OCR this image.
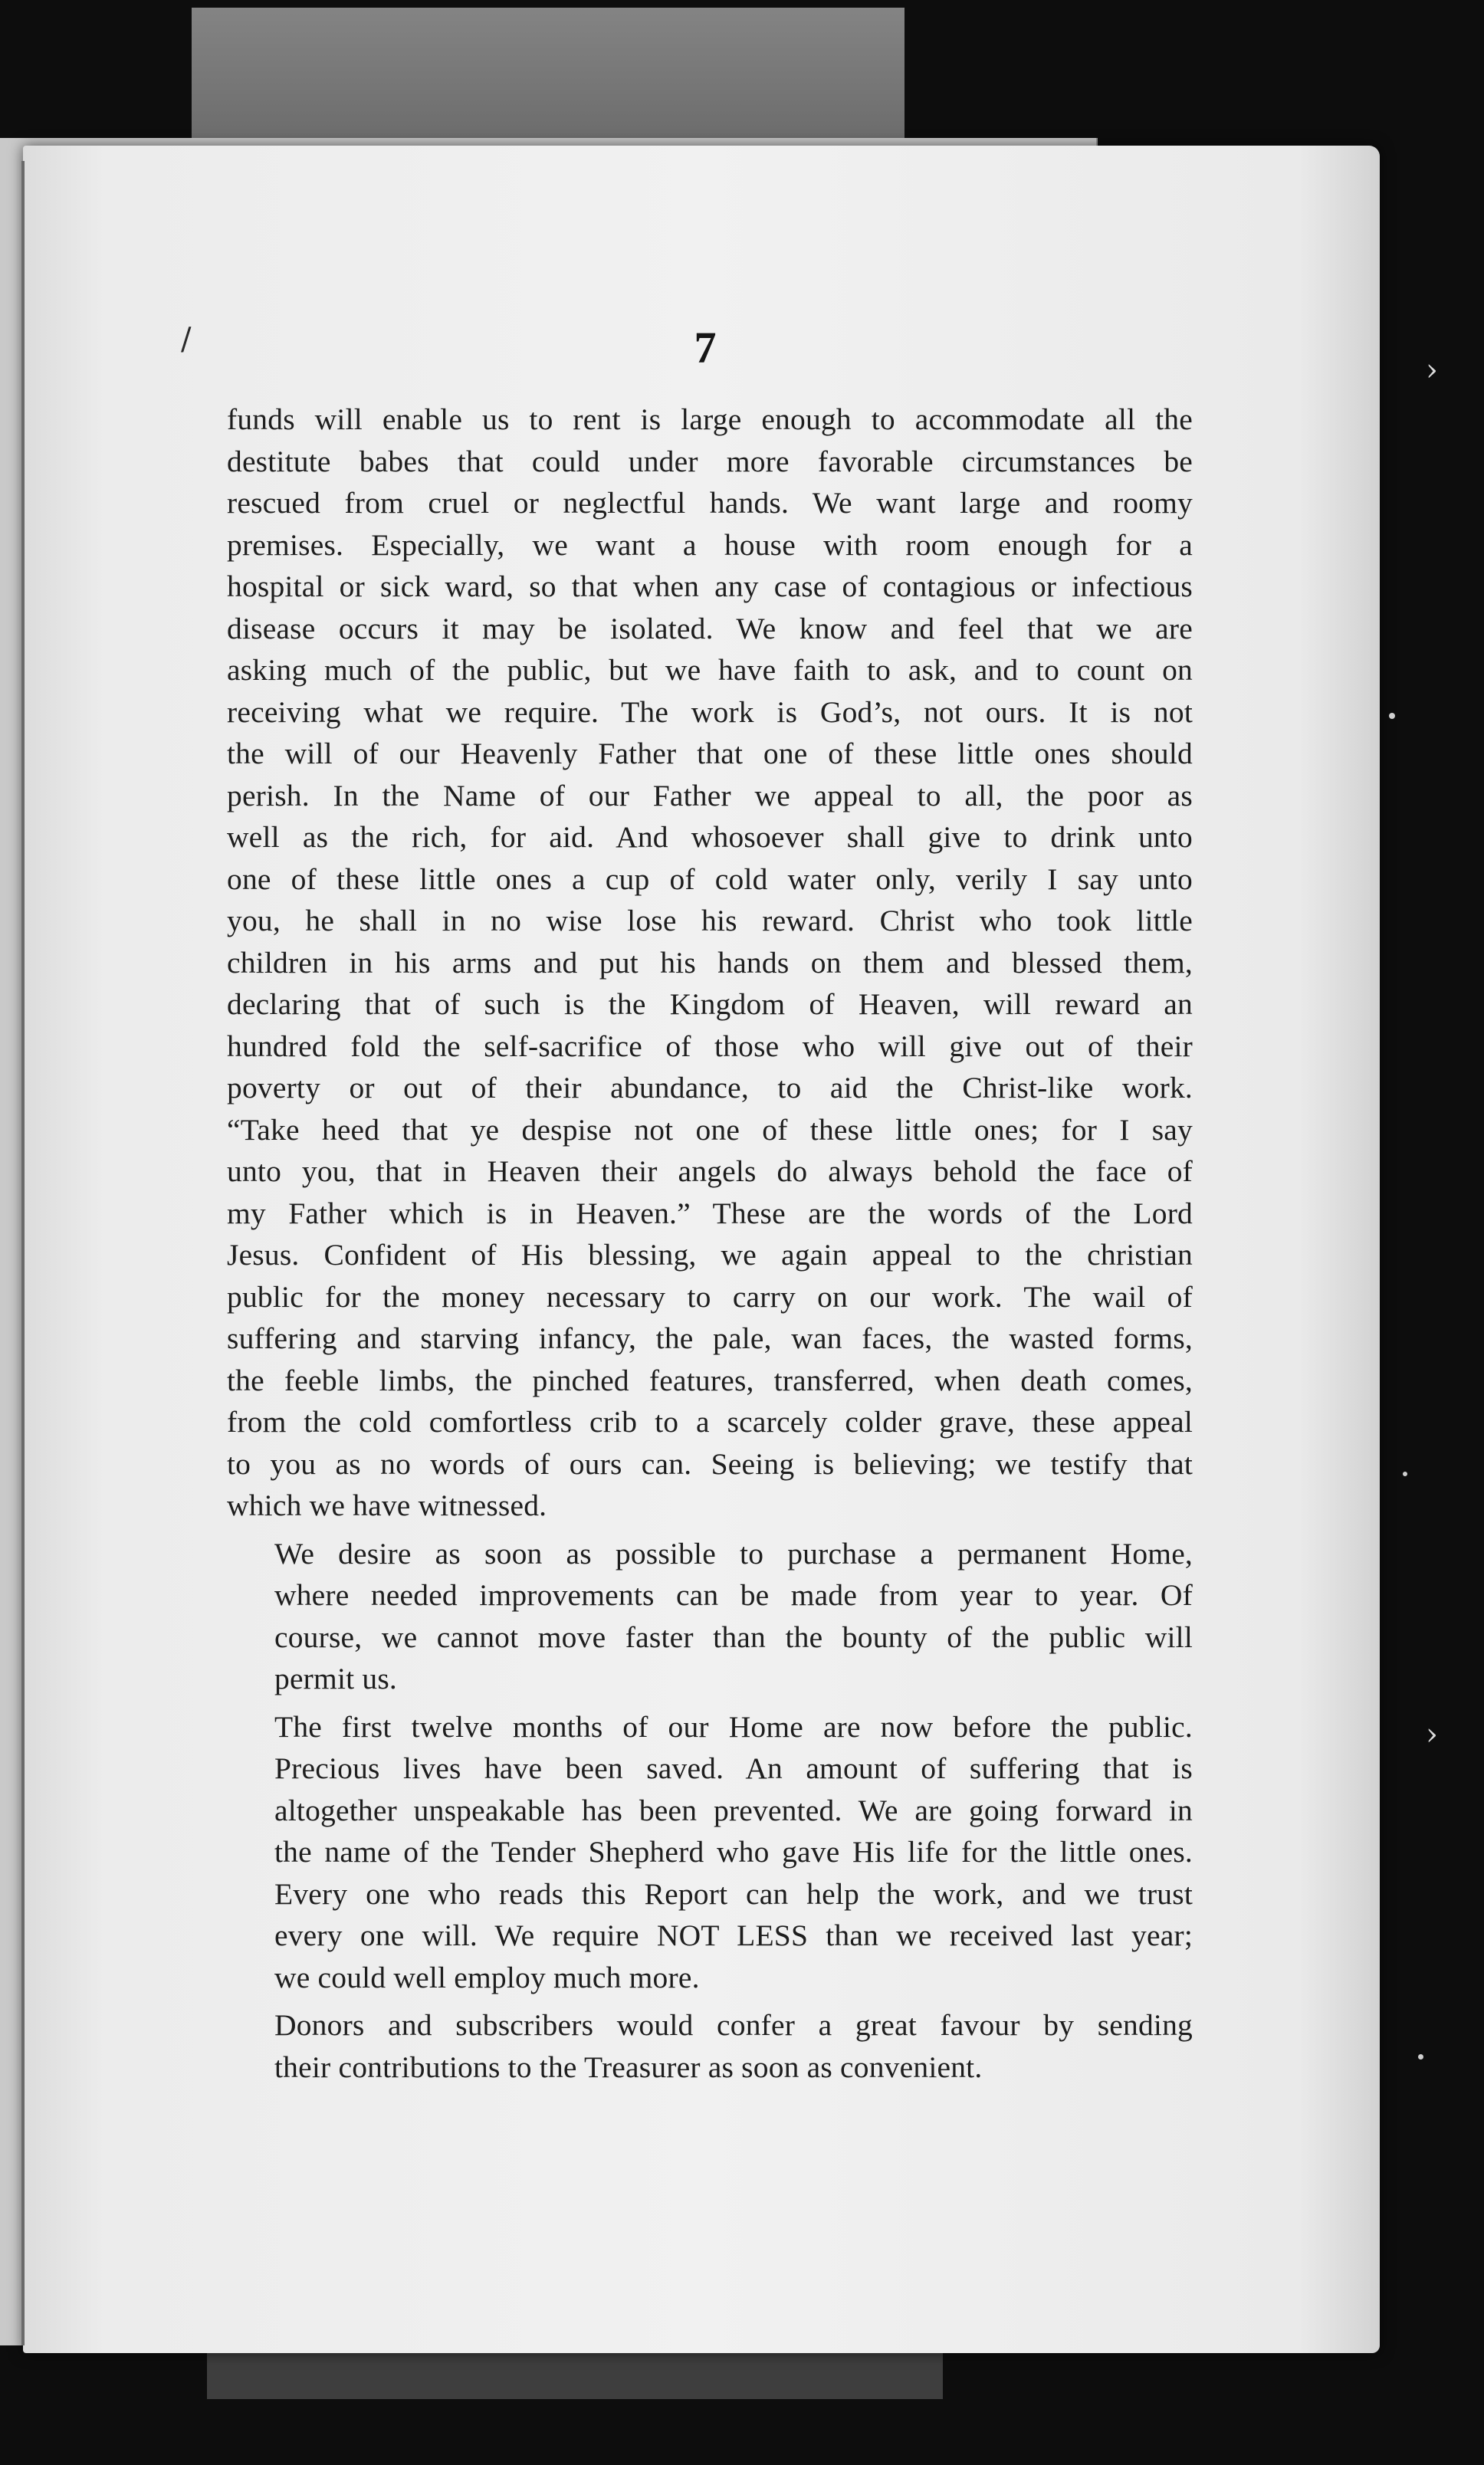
7
funds will enable us to rent is large enough to accommodate all the
destitute babes that could under more favorable circumstances be
rescued from cruel or neglectful hands. We want large and roomy
premises. Especially, we want a house with room enough for a
hospital or sick ward, so that when any case of contagious or infectious
disease occurs it may be isolated. We know and feel that we are
asking much of the public, but we have faith to ask, and to count on
receiving what we require. The work is God’s, not ours. It is not
the will of our Heavenly Father that one of these little ones should
perish. In the Name of our Father we appeal to all, the poor as
well as the rich, for aid. And whosoever shall give to drink unto
one of these little ones a cup of cold water only, verily I say unto
you, he shall in no wise lose his reward. Christ who took little
children in his arms and put his hands on them and blessed them,
declaring that of such is the Kingdom of Heaven, will reward an
hundred fold the self-sacrifice of those who will give out of their
poverty or out of their abundance, to aid the Christ-like work.
“Take heed that ye despise not one of these little ones; for I say
unto you, that in Heaven their angels do always behold the face of
my Father which is in Heaven.” These are the words of the Lord
Jesus. Confident of His blessing, we again appeal to the christian
public for the money necessary to carry on our work. The wail of
suffering and starving infancy, the pale, wan faces, the wasted forms,
the feeble limbs, the pinched features, transferred, when death comes,
from the cold comfortless crib to a scarcely colder grave, these appeal
to you as no words of ours can. Seeing is believing; we testify that
which we have witnessed.
We desire as soon as possible to purchase a permanent Home,
where needed improvements can be made from year to year. Of
course, we cannot move faster than the bounty of the public will
permit us.
The first twelve months of our Home are now before the public.
Precious lives have been saved. An amount of suffering that is
altogether unspeakable has been prevented. We are going forward in
the name of the Tender Shepherd who gave His life for the little ones.
Every one who reads this Report can help the work, and we trust
every one will. We require NOT LESS than we received last year;
we could well employ much more.
Donors and subscribers would confer a great favour by sending
their contributions to the Treasurer as soon as convenient.
/
›
›
